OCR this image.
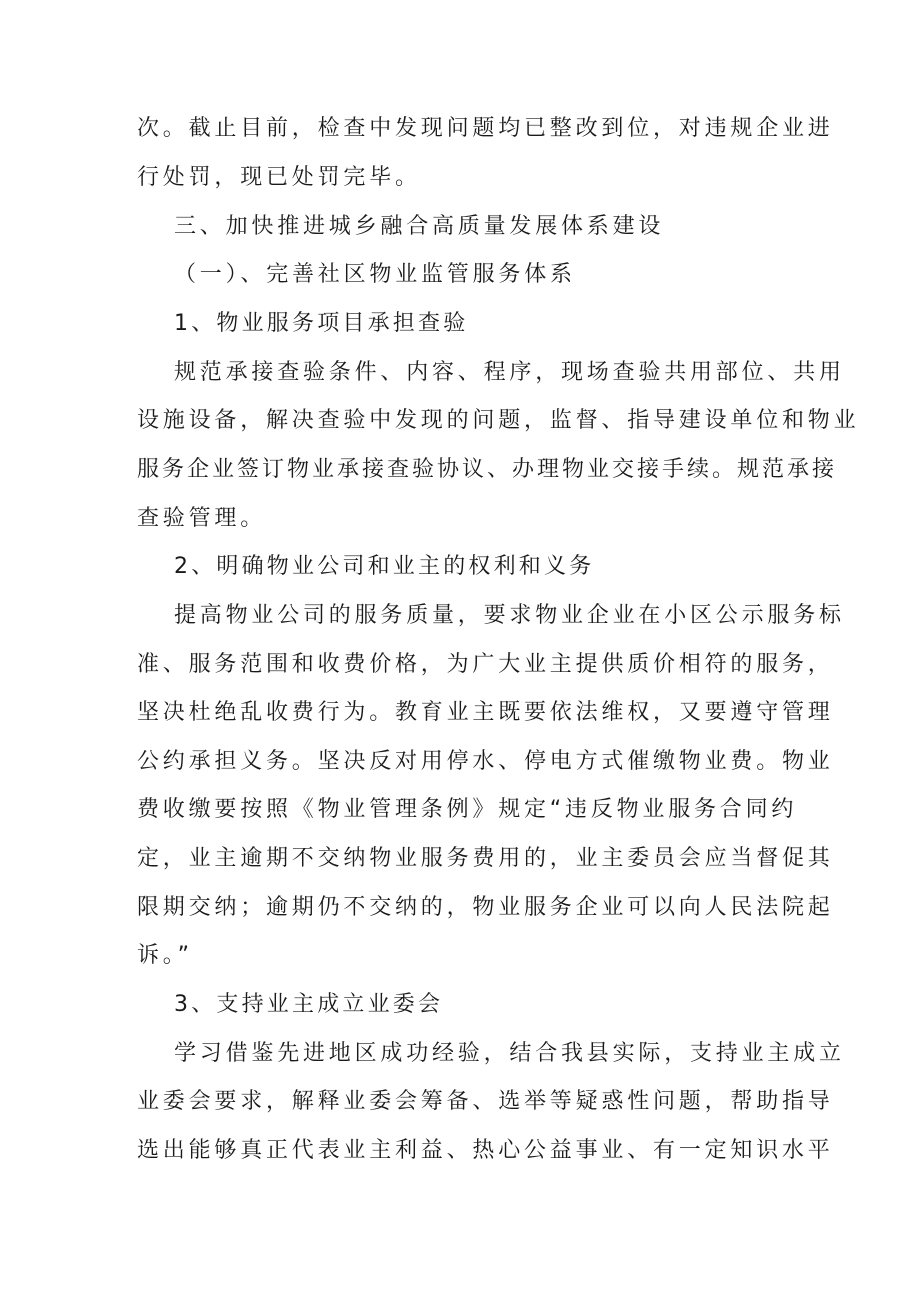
次。截止目前，检查中发现问题均已整改到位，对违规企业进
行处罚，现已处罚完毕。
三、加快推进城乡融合高质量发展体系建设
（一）、完善社区物业监管服务体系
1、物业服务项目承担查验
规范承接查验条件、内容、程序，现场查验共用部位、共用
设施设备，解决查验中发现的问题，监督、指导建设单位和物业
服务企业签订物业承接查验协议、办理物业交接手续。规范承接
查验管理。
2、明确物业公司和业主的权利和义务
提高物业公司的服务质量，要求物业企业在小区公示服务标
准、服务范围和收费价格，为广大业主提供质价相符的服务，
坚决杜绝乱收费行为。教育业主既要依法维权，又要遵守管理
公约承担义务。坚决反对用停水、停电方式催缴物业费。物业
费收缴要按照《物业管理条例》规定“违反物业服务合同约
定，业主逾期不交纳物业服务费用的，业主委员会应当督促其
限期交纳；逾期仍不交纳的，物业服务企业可以向人民法院起
诉。”
3、支持业主成立业委会
学习借鉴先进地区成功经验，结合我县实际，支持业主成立
业委会要求，解释业委会筹备、选举等疑惑性问题，帮助指导
选出能够真正代表业主利益、热心公益事业、有一定知识水平
